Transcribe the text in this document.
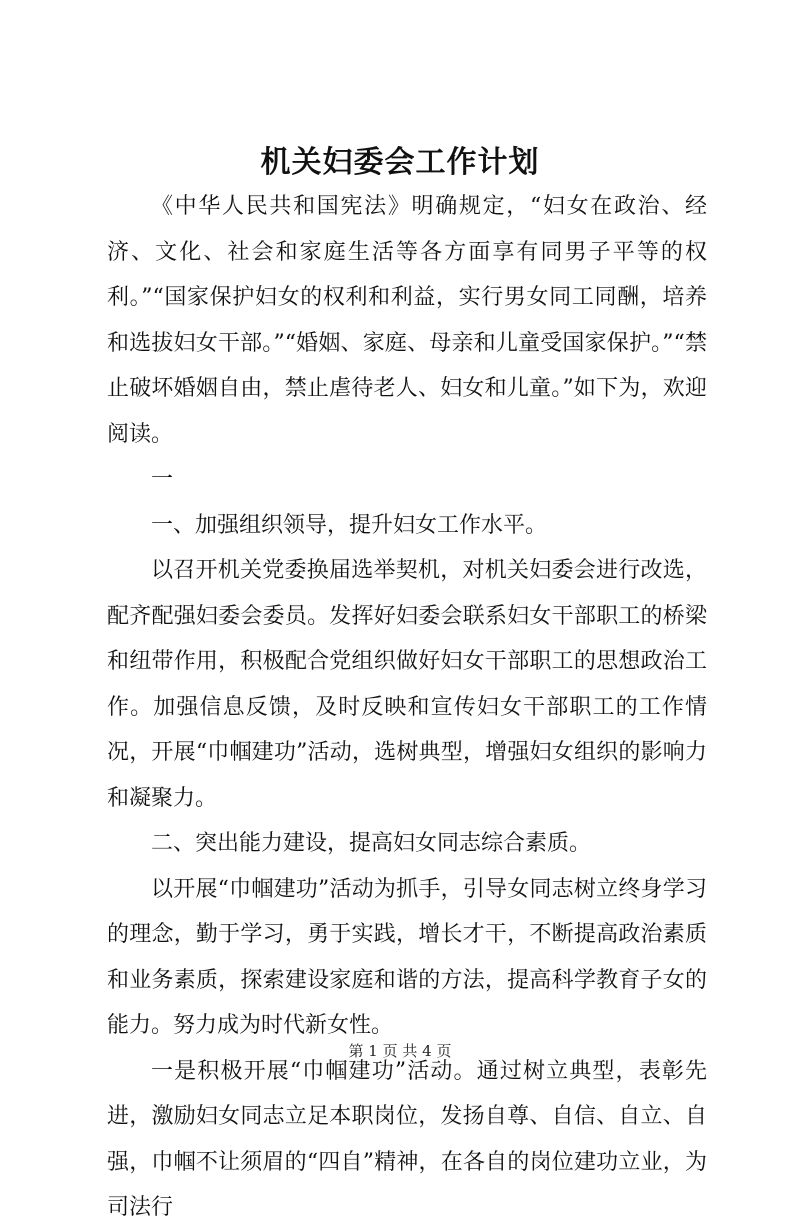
机关妇委会工作计划

《中华人民共和国宪法》明确规定，“妇女在政治、经济、文化、社会和家庭生活等各方面享有同男子平等的权利。”“国家保护妇女的权利和利益，实行男女同工同酬，培养和选拔妇女干部。”“婚姻、家庭、母亲和儿童受国家保护。”“禁止破坏婚姻自由，禁止虐待老人、妇女和儿童。”如下为，欢迎阅读。

一

一、加强组织领导，提升妇女工作水平。

以召开机关党委换届选举契机，对机关妇委会进行改选，配齐配强妇委会委员。发挥好妇委会联系妇女干部职工的桥梁和纽带作用，积极配合党组织做好妇女干部职工的思想政治工作。加强信息反馈，及时反映和宣传妇女干部职工的工作情况，开展“巾帼建功”活动，选树典型，增强妇女组织的影响力和凝聚力。

二、突出能力建设，提高妇女同志综合素质。

以开展“巾帼建功”活动为抓手，引导女同志树立终身学习的理念，勤于学习，勇于实践，增长才干，不断提高政治素质和业务素质，探索建设家庭和谐的方法，提高科学教育子女的能力。努力成为时代新女性。

一是积极开展“巾帼建功”活动。通过树立典型，表彰先进，激励妇女同志立足本职岗位，发扬自尊、自信、自立、自强，巾帼不让须眉的“四自”精神，在各自的岗位建功立业，为司法行

第 1 页 共 4 页
